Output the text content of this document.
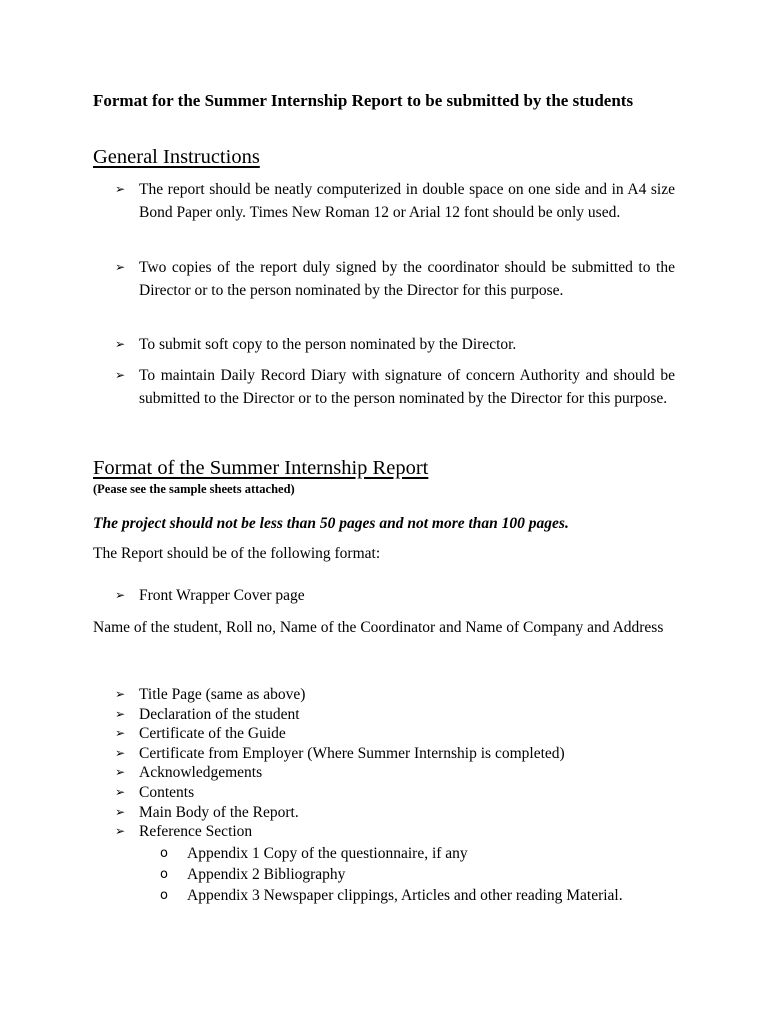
Format for the Summer Internship Report to be submitted by the students
General Instructions
➢ The report should be neatly computerized in double space on one side and in A4 size Bond Paper only. Times New Roman 12 or Arial 12 font should be only used.
➢ Two copies of the report duly signed by the coordinator should be submitted to the Director or to the person nominated by the Director for this purpose.
➢ To submit soft copy to the person nominated by the Director.
➢ To maintain Daily Record Diary with signature of concern Authority and should be submitted to the Director or to the person nominated by the Director for this purpose.
Format of the Summer Internship Report
(Pease see the sample sheets attached)
The project should not be less than 50 pages and not more than 100 pages.
The Report should be of the following format:
➢ Front Wrapper Cover page
Name of the student, Roll no, Name of the Coordinator and Name of Company and Address
➢ Title Page (same as above)
➢ Declaration of the student
➢ Certificate of the Guide
➢ Certificate from Employer (Where Summer Internship is completed)
➢ Acknowledgements
➢ Contents
➢ Main Body of the Report.
➢ Reference Section
o	Appendix 1 Copy of the questionnaire, if any
o	Appendix 2 Bibliography
o	Appendix 3 Newspaper clippings, Articles and other reading Material.
